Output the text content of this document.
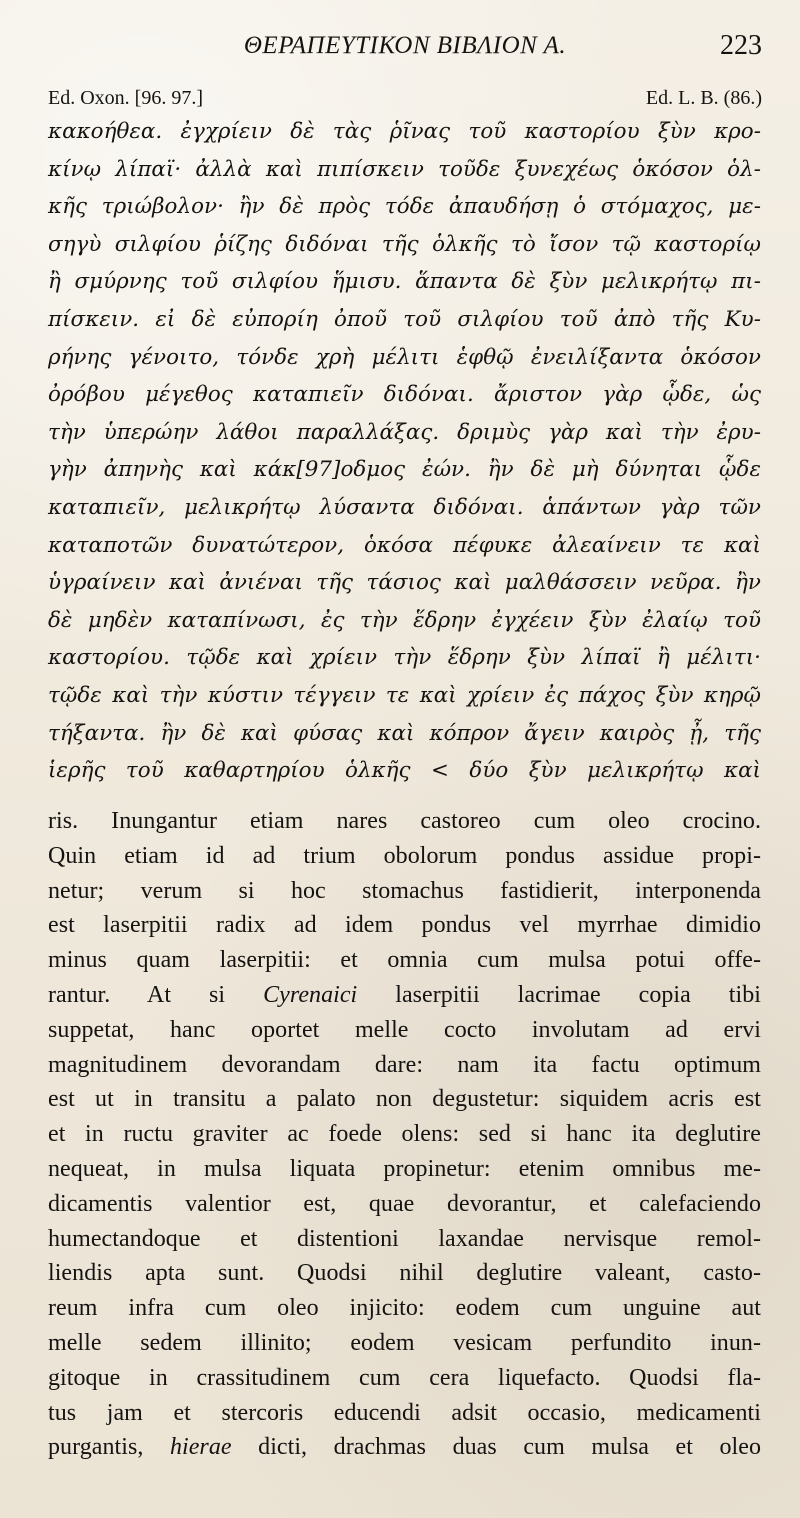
ΘΕΡΑΠΕΥΤΙΚΟΝ ΒΙΒΛΙΟΝ Α.	223
Ed. Oxon. [96. 97.]	Ed. L. B. (86.)
κακοήθεα. ἐγχρίειν δὲ τὰς ῥῖνας τοῦ καστορίου ξὺν κρο-
κίνῳ λίπαϊ· ἀλλὰ καὶ πιπίσκειν τοῦδε ξυνεχέως ὁκόσον ὁλ-
κῆς τριώβολον· ἢν δὲ πρὸς τόδε ἀπαυδήσῃ ὁ στόμαχος, με-
σηγὺ σιλφίου ῥίζης διδόναι τῆς ὁλκῆς τὸ ἴσον τῷ καστορίῳ
ἢ σμύρνης τοῦ σιλφίου ἥμισυ. ἅπαντα δὲ ξὺν μελικρήτῳ πι-
πίσκειν. εἰ δὲ εὐπορίη ὀποῦ τοῦ σιλφίου τοῦ ἀπὸ τῆς Κυ-
ρήνης γένοιτο, τόνδε χρὴ μέλιτι ἑφθῷ ἐνειλίξαντα ὁκόσον
ὀρόβου μέγεθος καταπιεῖν διδόναι. ἄριστον γὰρ ᾧδε, ὡς
τὴν ὑπερώην λάθοι παραλλάξας. δριμὺς γὰρ καὶ τὴν ἐρυ-
γὴν ἀπηνὴς καὶ κάκ[97]οδμος ἐών. ἢν δὲ μὴ δύνηται ᾧδε
καταπιεῖν, μελικρήτῳ λύσαντα διδόναι. ἁπάντων γὰρ τῶν
καταποτῶν δυνατώτερον, ὁκόσα πέφυκε ἀλεαίνειν τε καὶ
ὑγραίνειν καὶ ἀνιέναι τῆς τάσιος καὶ μαλθάσσειν νεῦρα. ἢν
δὲ μηδὲν καταπίνωσι, ἐς τὴν ἕδρην ἐγχέειν ξὺν ἐλαίῳ τοῦ
καστορίου. τῷδε καὶ χρίειν τὴν ἕδρην ξὺν λίπαϊ ἢ μέλιτι·
τῷδε καὶ τὴν κύστιν τέγγειν τε καὶ χρίειν ἐς πάχος ξὺν κηρῷ
τήξαντα. ἢν δὲ καὶ φύσας καὶ κόπρον ἄγειν καιρὸς ᾖ, τῆς
ἱερῆς τοῦ καθαρτηρίου ὁλκῆς < δύο ξὺν μελικρήτῳ καὶ
ris. Inungantur etiam nares castoreo cum oleo crocino.
Quin etiam id ad trium obolorum pondus assidue propi-
netur; verum si hoc stomachus fastidierit, interponenda
est laserpitii radix ad idem pondus vel myrrhae dimidio
minus quam laserpitii: et omnia cum mulsa potui offe-
rantur. At si Cyrenaici laserpitii lacrimae copia tibi
suppetat, hanc oportet melle cocto involutam ad ervi
magnitudinem devorandam dare: nam ita factu optimum
est ut in transitu a palato non degustetur: siquidem acris est
et in ructu graviter ac foede olens: sed si hanc ita deglutire
nequeat, in mulsa liquata propinetur: etenim omnibus me-
dicamentis valentior est, quae devorantur, et calefaciendo
humectandoque et distentioni laxandae nervisque remol-
liendis apta sunt. Quodsi nihil deglutire valeant, casto-
reum infra cum oleo injicito: eodem cum unguine aut
melle sedem illinito; eodem vesicam perfundito inun-
gitoque in crassitudinem cum cera liquefacto. Quodsi fla-
tus jam et stercoris educendi adsit occasio, medicamenti
purgantis, hierae dicti, drachmas duas cum mulsa et oleo
